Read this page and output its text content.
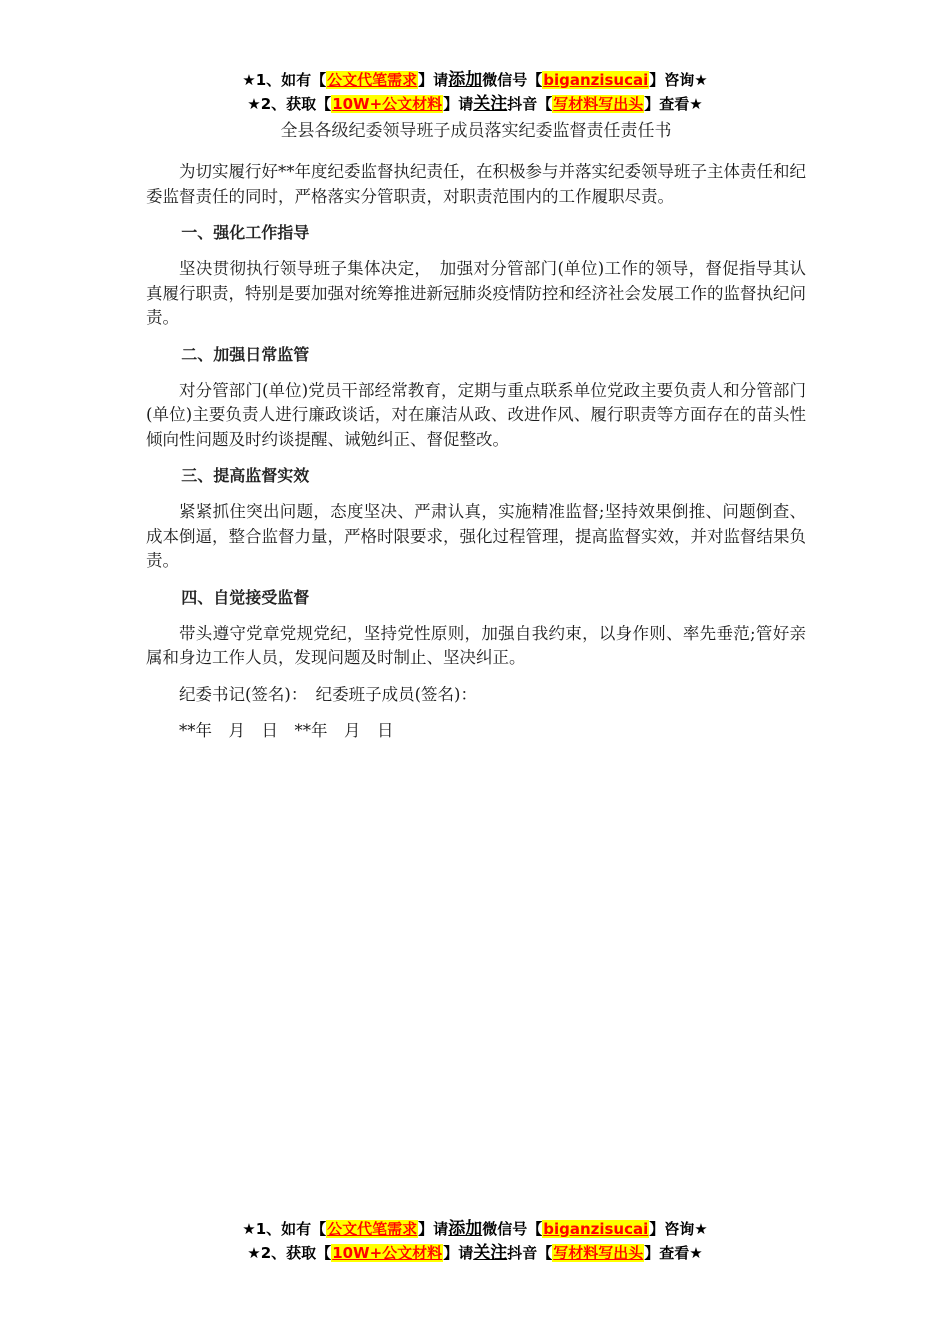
★1、如有【公文代笔需求】请添加微信号【biganzisucai】咨询★
★2、获取【10W+公文材料】请关注抖音【写材料写出头】查看★
全县各级纪委领导班子成员落实纪委监督责任责任书

为切实履行好**年度纪委监督执纪责任，在积极参与并落实纪委领导班子主体责任和纪委监督责任的同时，严格落实分管职责，对职责范围内的工作履职尽责。

一、强化工作指导

坚决贯彻执行领导班子集体决定，　加强对分管部门(单位)工作的领导，督促指导其认真履行职责，特别是要加强对统筹推进新冠肺炎疫情防控和经济社会发展工作的监督执纪问责。

二、加强日常监管

对分管部门(单位)党员干部经常教育，定期与重点联系单位党政主要负责人和分管部门(单位)主要负责人进行廉政谈话，对在廉洁从政、改进作风、履行职责等方面存在的苗头性倾向性问题及时约谈提醒、诫勉纠正、督促整改。

三、提高监督实效

紧紧抓住突出问题，态度坚决、严肃认真，实施精准监督;坚持效果倒推、问题倒查、成本倒逼，整合监督力量，严格时限要求，强化过程管理，提高监督实效，并对监督结果负责。

四、自觉接受监督

带头遵守党章党规党纪，坚持党性原则，加强自我约束，以身作则、率先垂范;管好亲属和身边工作人员，发现问题及时制止、坚决纠正。

纪委书记(签名)：　纪委班子成员(签名)：

**年　月　日　**年　月　日

★1、如有【公文代笔需求】请添加微信号【biganzisucai】咨询★
★2、获取【10W+公文材料】请关注抖音【写材料写出头】查看★
